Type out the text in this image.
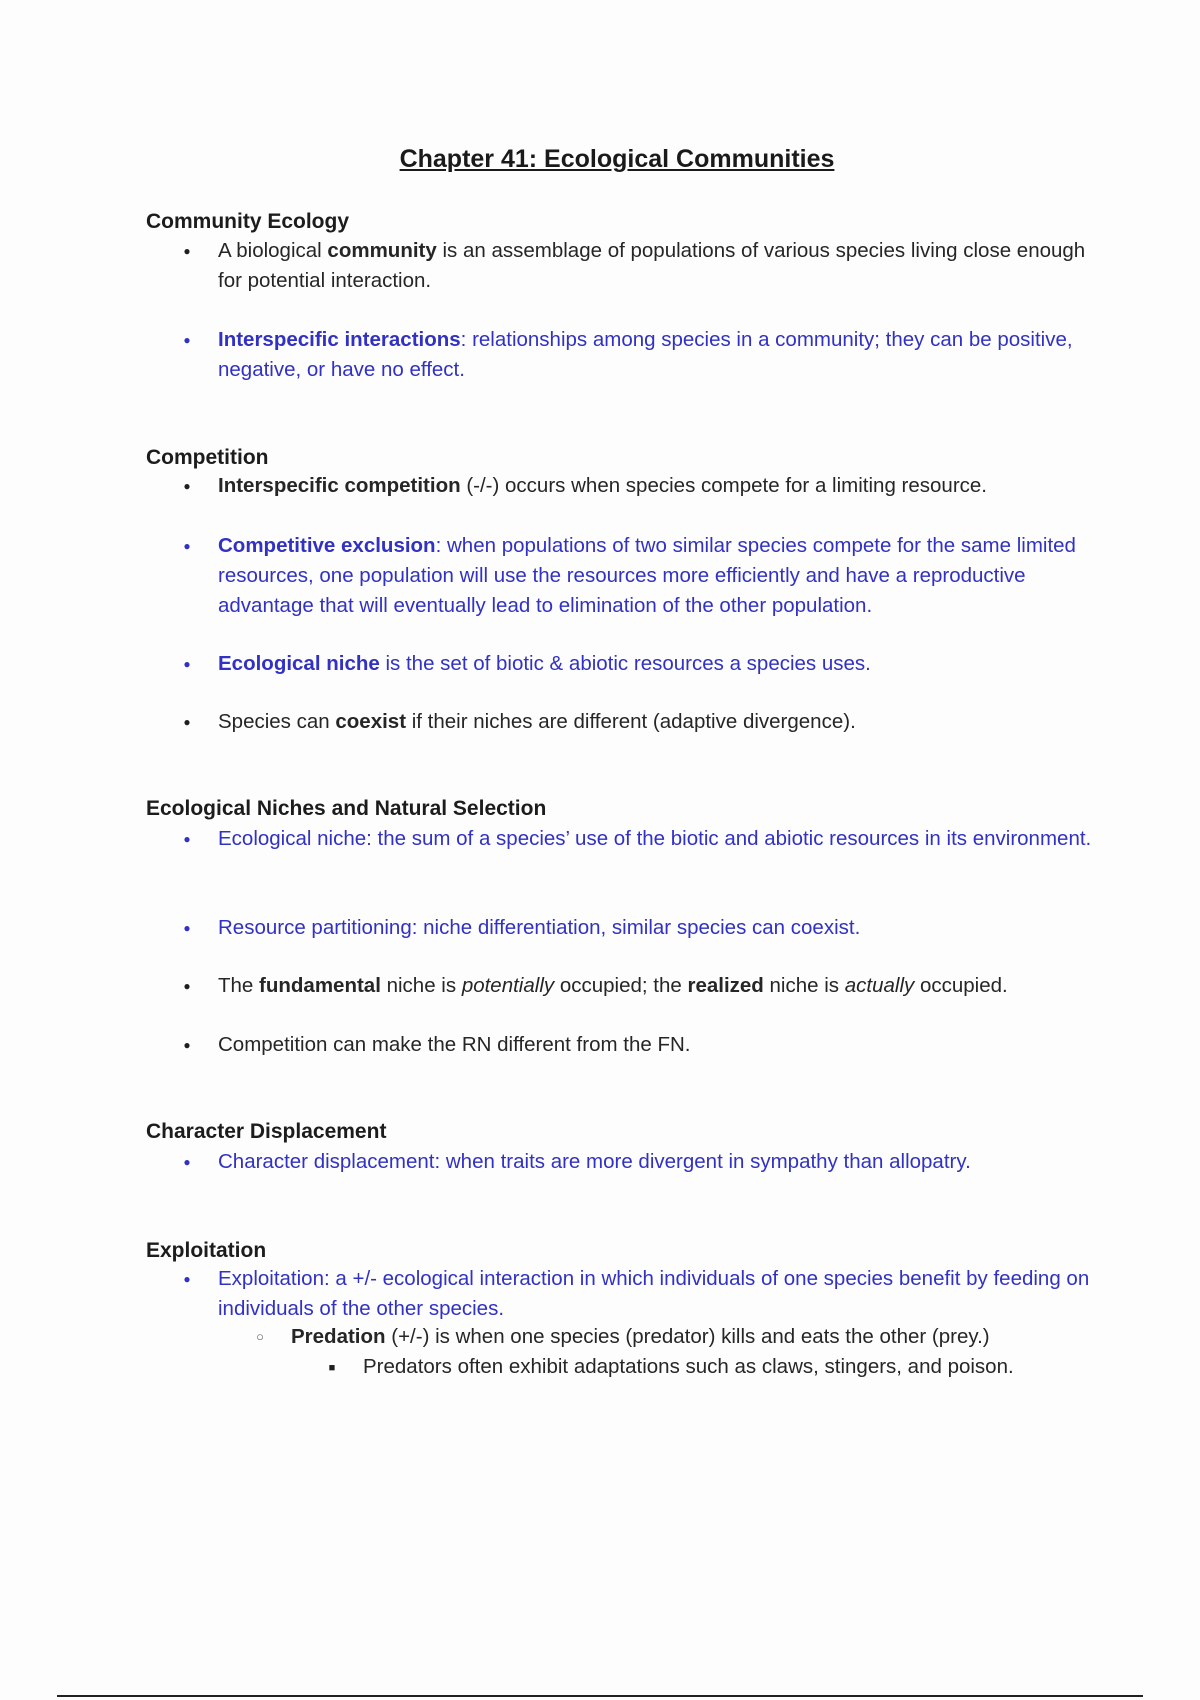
Chapter 41: Ecological Communities
Community Ecology
●
A biological community is an assemblage of populations of various species living close enough for potential interaction.
●
Interspecific interactions: relationships among species in a community; they can be positive, negative, or have no effect.
Competition
●
Interspecific competition (-/-) occurs when species compete for a limiting resource.
●
Competitive exclusion: when populations of two similar species compete for the same limited resources, one population will use the resources more efficiently and have a reproductive advantage that will eventually lead to elimination of the other population.
●
Ecological niche is the set of biotic & abiotic resources a species uses.
●
Species can coexist if their niches are different (adaptive divergence).
Ecological Niches and Natural Selection
●
Ecological niche: the sum of a species’ use of the biotic and abiotic resources in its environment.
●
Resource partitioning: niche differentiation, similar species can coexist.
●
The fundamental niche is potentially occupied; the realized niche is actually occupied.
●
Competition can make the RN different from the FN.
Character Displacement
●
Character displacement: when traits are more divergent in sympathy than allopatry.
Exploitation
●
Exploitation: a +/- ecological interaction in which individuals of one species benefit by feeding on individuals of the other species.
○
Predation (+/-) is when one species (predator) kills and eats the other (prey.)
■
Predators often exhibit adaptations such as claws, stingers, and poison.
